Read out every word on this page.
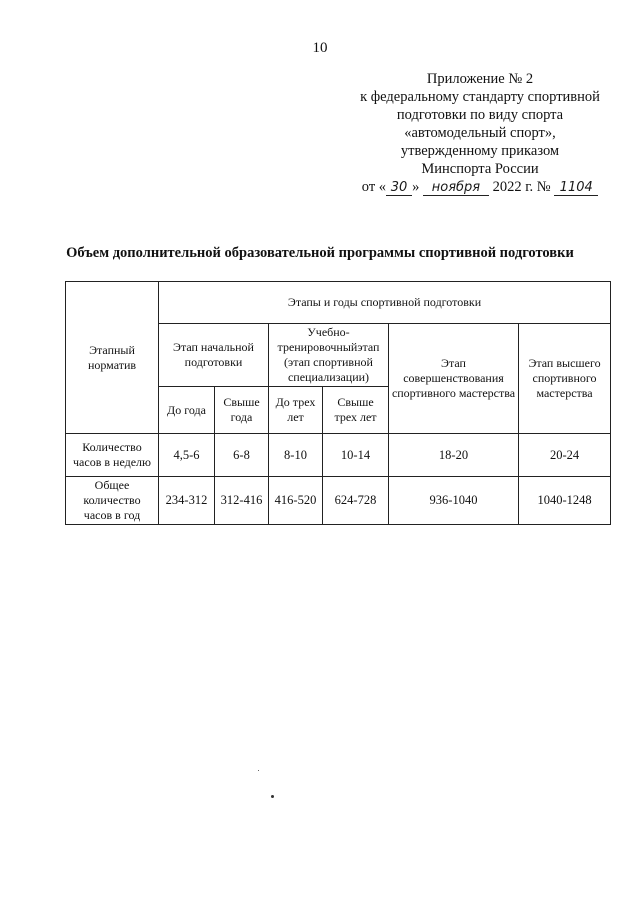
10
Приложение № 2
к федеральному стандарту спортивной
подготовки по виду спорта
«автомодельный спорт»,
утвержденному приказом
Минспорта России
от « 30 » ноября 2022 г. № 1104
Объем дополнительной образовательной программы спортивной подготовки
Этапный норматив	Этапы и годы спортивной подготовки					
	Этап начальной подготовки		Учебно-тренировочныйэтап (этап спортивной специализации)		Этап совершенствования спортивного мастерства	Этап высшего спортивного мастерства
	До года	Свыше года	До трех лет	Свыше трех лет		
Количество часов в неделю	4,5-6	6-8	8-10	10-14	18-20	20-24
Общее количество часов в год	234-312	312-416	416-520	624-728	936-1040	1040-1248
